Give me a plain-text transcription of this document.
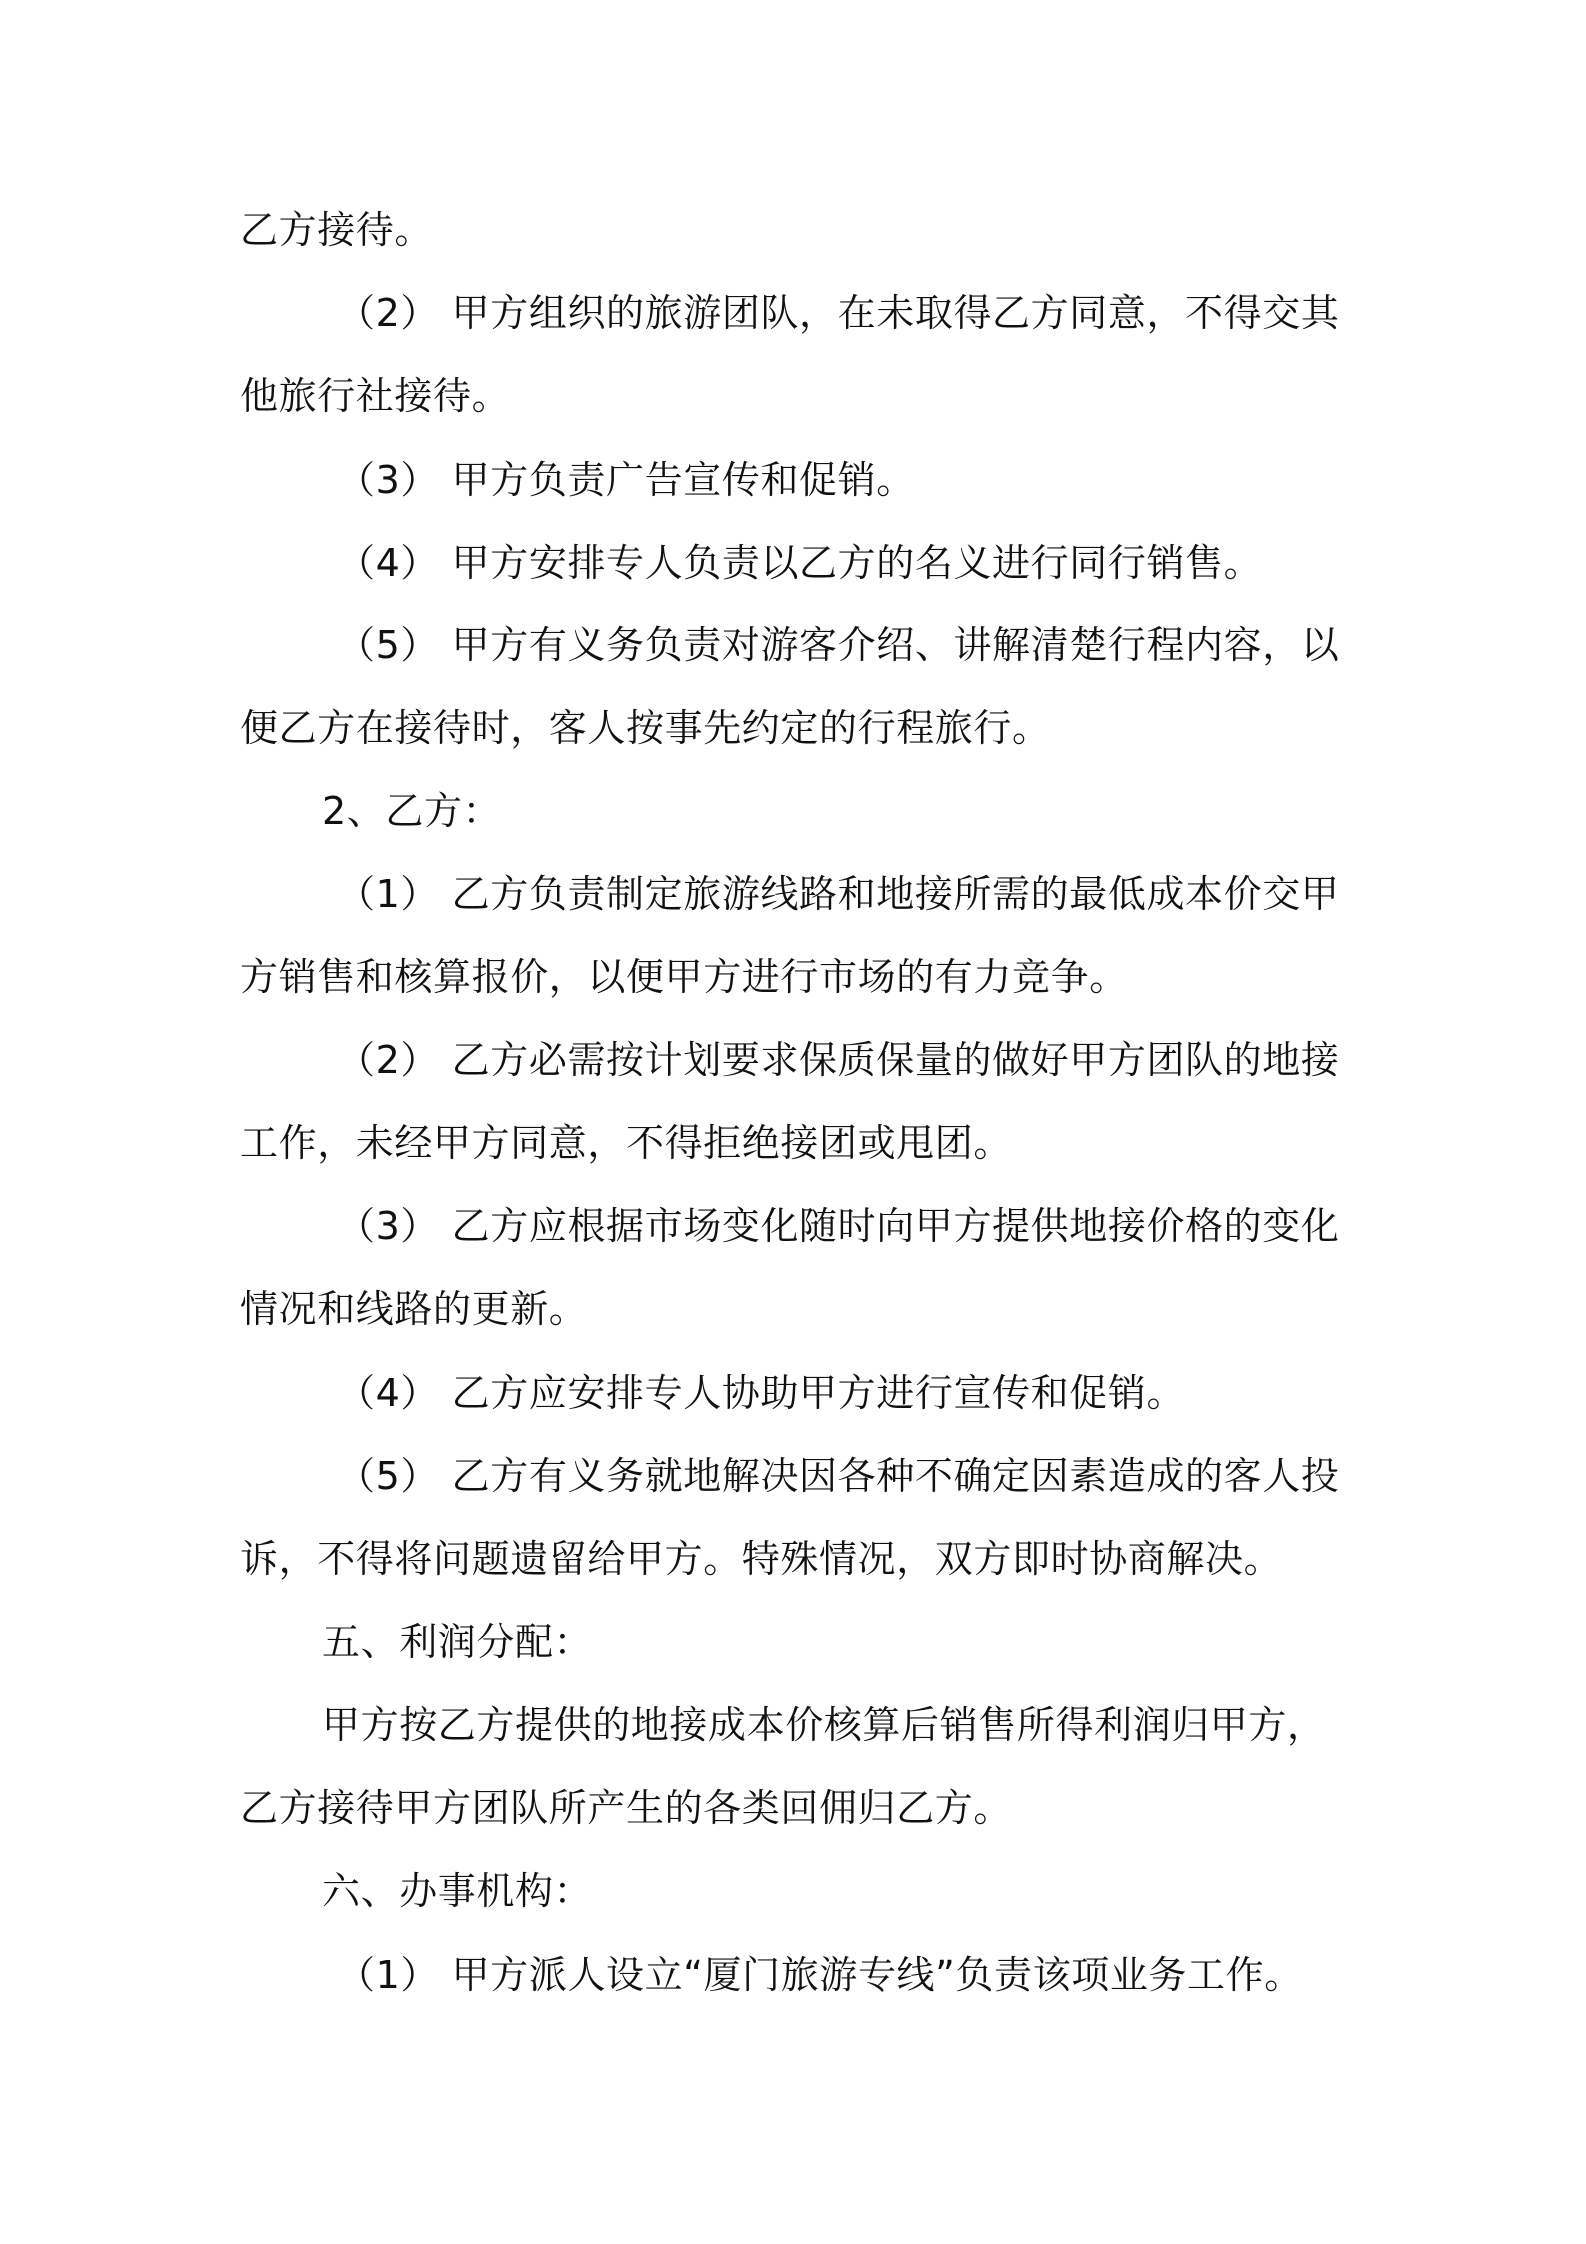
乙方接待。
（2） 甲方组织的旅游团队，在未取得乙方同意，不得交其
他旅行社接待。
（3） 甲方负责广告宣传和促销。
（4） 甲方安排专人负责以乙方的名义进行同行销售。
（5） 甲方有义务负责对游客介绍、讲解清楚行程内容，以
便乙方在接待时，客人按事先约定的行程旅行。
2、乙方：
（1） 乙方负责制定旅游线路和地接所需的最低成本价交甲
方销售和核算报价，以便甲方进行市场的有力竞争。
（2） 乙方必需按计划要求保质保量的做好甲方团队的地接
工作，未经甲方同意，不得拒绝接团或甩团。
（3） 乙方应根据市场变化随时向甲方提供地接价格的变化
情况和线路的更新。
（4） 乙方应安排专人协助甲方进行宣传和促销。
（5） 乙方有义务就地解决因各种不确定因素造成的客人投
诉，不得将问题遗留给甲方。特殊情况，双方即时协商解决。
五、利润分配：
甲方按乙方提供的地接成本价核算后销售所得利润归甲方，
乙方接待甲方团队所产生的各类回佣归乙方。
六、办事机构：
（1） 甲方派人设立“厦门旅游专线”负责该项业务工作。
